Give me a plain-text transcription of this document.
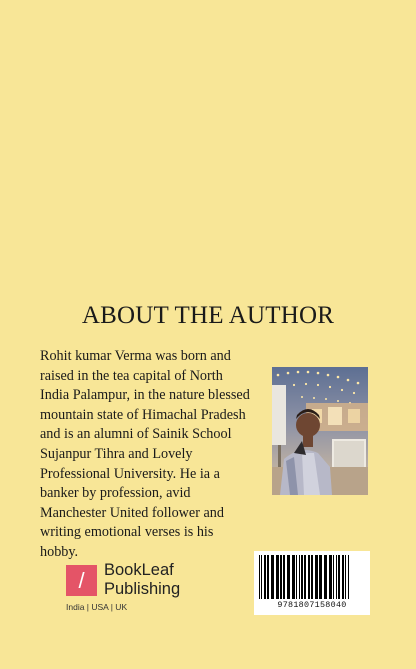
ABOUT THE AUTHOR

Rohit kumar Verma was born and
raised in the tea capital of North
India Palampur, in the nature blessed
mountain state of Himachal Pradesh
and is an alumni of Sainik School
Sujanpur Tihra and Lovely
Professional University. He ia a
banker by profession, avid
Manchester United follower and
writing emotional verses is his
hobby.

/	BookLeaf
Publishing
India | USA | UK	9781807158040
